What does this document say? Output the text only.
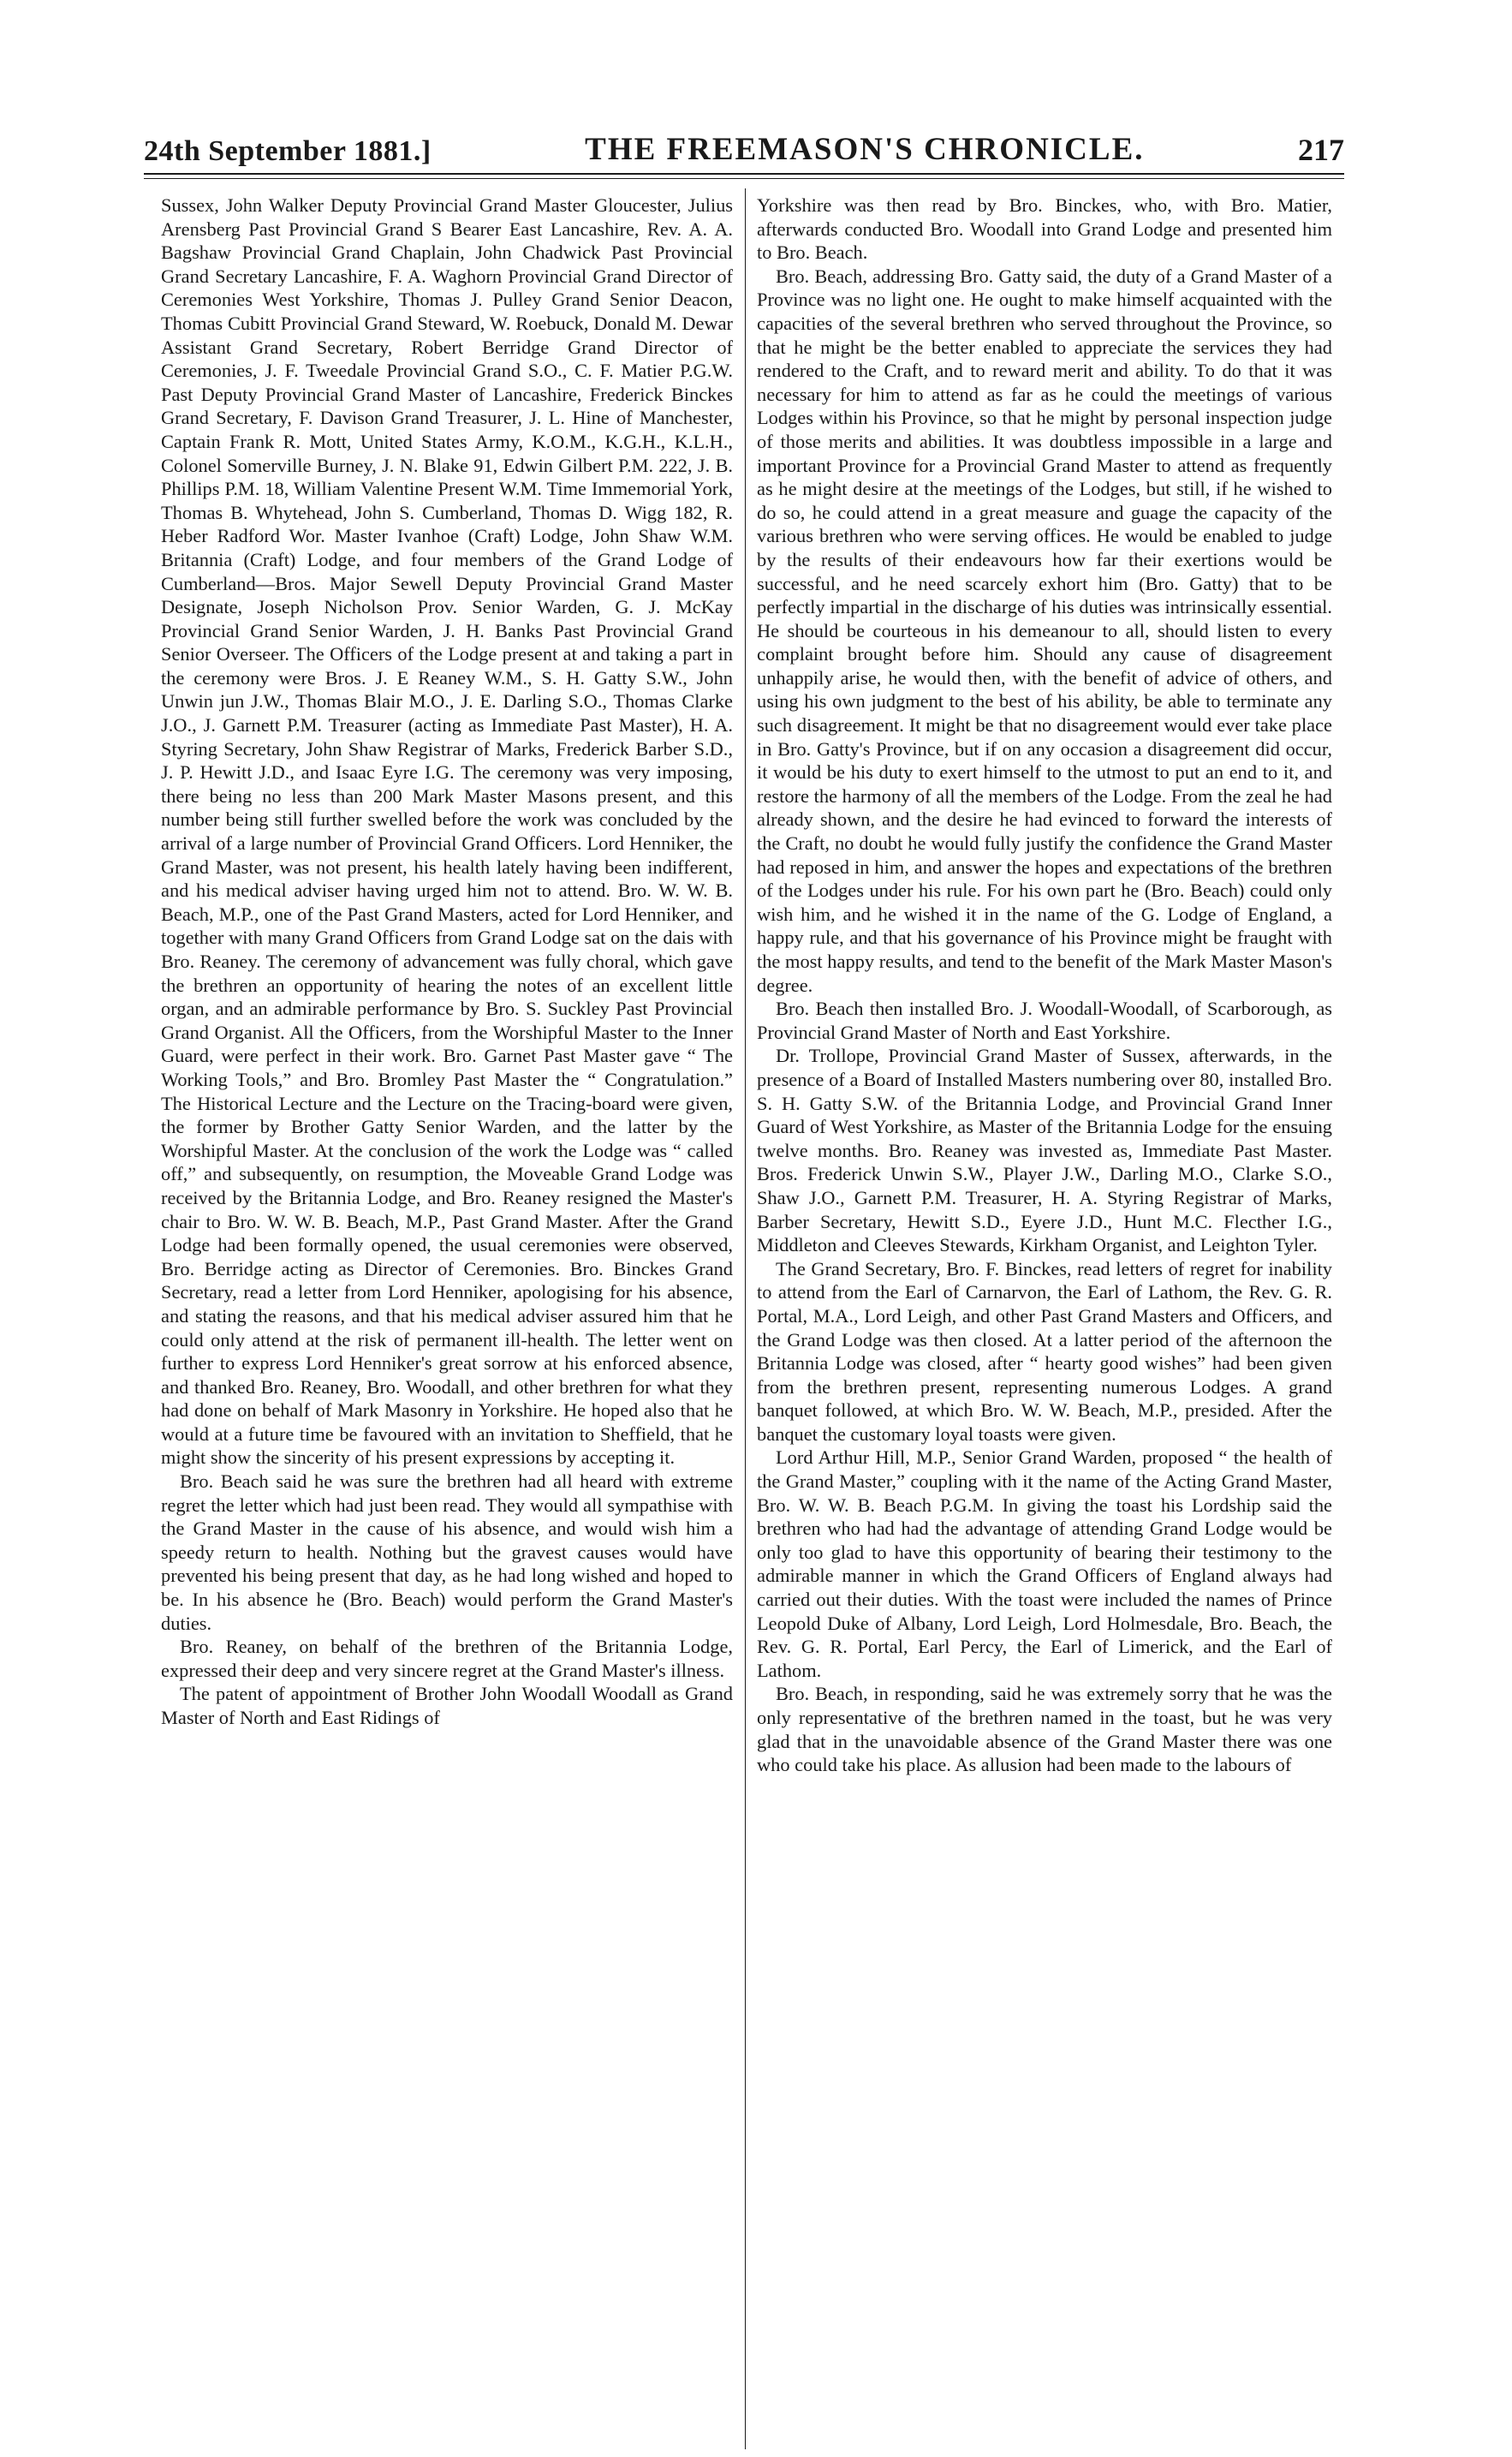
24th September 1881.]	THE FREEMASON'S CHRONICLE.	217

Sussex, John Walker Deputy Provincial Grand Master Gloucester, Julius Arensberg Past Provincial Grand S Bearer East Lancashire, Rev. A. A. Bagshaw Provincial Grand Chaplain, John Chadwick Past Provincial Grand Secretary Lancashire, F. A. Waghorn Provincial Grand Director of Ceremonies West Yorkshire, Thomas J. Pulley Grand Senior Deacon, Thomas Cubitt Provincial Grand Steward, W. Roebuck, Donald M. Dewar Assistant Grand Secretary, Robert Berridge Grand Director of Ceremonies, J. F. Tweedale Provincial Grand S.O., C. F. Matier P.G.W. Past Deputy Provincial Grand Master of Lancashire, Frederick Binckes Grand Secretary, F. Davison Grand Treasurer, J. L. Hine of Manchester, Captain Frank R. Mott, United States Army, K.O.M., K.G.H., K.L.H., Colonel Somerville Burney, J. N. Blake 91, Edwin Gilbert P.M. 222, J. B. Phillips P.M. 18, William Valentine Present W.M. Time Immemorial York, Thomas B. Whytehead, John S. Cumberland, Thomas D. Wigg 182, R. Heber Radford Wor. Master Ivanhoe (Craft) Lodge, John Shaw W.M. Britannia (Craft) Lodge, and four members of the Grand Lodge of Cumberland—Bros. Major Sewell Deputy Provincial Grand Master Designate, Joseph Nicholson Prov. Senior Warden, G. J. McKay Provincial Grand Senior Warden, J. H. Banks Past Provincial Grand Senior Overseer. The Officers of the Lodge present at and taking a part in the ceremony were Bros. J. E Reaney W.M., S. H. Gatty S.W., John Unwin jun J.W., Thomas Blair M.O., J. E. Darling S.O., Thomas Clarke J.O., J. Garnett P.M. Treasurer (acting as Immediate Past Master), H. A. Styring Secretary, John Shaw Registrar of Marks, Frederick Barber S.D., J. P. Hewitt J.D., and Isaac Eyre I.G. The ceremony was very imposing, there being no less than 200 Mark Master Masons present, and this number being still further swelled before the work was concluded by the arrival of a large number of Provincial Grand Officers. Lord Henniker, the Grand Master, was not present, his health lately having been indifferent, and his medical adviser having urged him not to attend. Bro. W. W. B. Beach, M.P., one of the Past Grand Masters, acted for Lord Henniker, and together with many Grand Officers from Grand Lodge sat on the dais with Bro. Reaney. The ceremony of advancement was fully choral, which gave the brethren an opportunity of hearing the notes of an excellent little organ, and an admirable performance by Bro. S. Suckley Past Provincial Grand Organist. All the Officers, from the Worshipful Master to the Inner Guard, were perfect in their work. Bro. Garnet Past Master gave “ The Working Tools,” and Bro. Bromley Past Master the “ Congratulation.” The Historical Lecture and the Lecture on the Tracing-board were given, the former by Brother Gatty Senior Warden, and the latter by the Worshipful Master. At the conclusion of the work the Lodge was “ called off,” and subsequently, on resumption, the Moveable Grand Lodge was received by the Britannia Lodge, and Bro. Reaney resigned the Master's chair to Bro. W. W. B. Beach, M.P., Past Grand Master. After the Grand Lodge had been formally opened, the usual ceremonies were observed, Bro. Berridge acting as Director of Ceremonies. Bro. Binckes Grand Secretary, read a letter from Lord Henniker, apologising for his absence, and stating the reasons, and that his medical adviser assured him that he could only attend at the risk of permanent ill-health. The letter went on further to express Lord Henniker's great sorrow at his enforced absence, and thanked Bro. Reaney, Bro. Woodall, and other brethren for what they had done on behalf of Mark Masonry in Yorkshire. He hoped also that he would at a future time be favoured with an invitation to Sheffield, that he might show the sincerity of his present expressions by accepting it.

Bro. Beach said he was sure the brethren had all heard with extreme regret the letter which had just been read. They would all sympathise with the Grand Master in the cause of his absence, and would wish him a speedy return to health. Nothing but the gravest causes would have prevented his being present that day, as he had long wished and hoped to be. In his absence he (Bro. Beach) would perform the Grand Master's duties.

Bro. Reaney, on behalf of the brethren of the Britannia Lodge, expressed their deep and very sincere regret at the Grand Master's illness.

The patent of appointment of Brother John Woodall Woodall as Grand Master of North and East Ridings of

Yorkshire was then read by Bro. Binckes, who, with Bro. Matier, afterwards conducted Bro. Woodall into Grand Lodge and presented him to Bro. Beach.

Bro. Beach, addressing Bro. Gatty said, the duty of a Grand Master of a Province was no light one. He ought to make himself acquainted with the capacities of the several brethren who served throughout the Province, so that he might be the better enabled to appreciate the services they had rendered to the Craft, and to reward merit and ability. To do that it was necessary for him to attend as far as he could the meetings of various Lodges within his Province, so that he might by personal inspection judge of those merits and abilities. It was doubtless impossible in a large and important Province for a Provincial Grand Master to attend as frequently as he might desire at the meetings of the Lodges, but still, if he wished to do so, he could attend in a great measure and guage the capacity of the various brethren who were serving offices. He would be enabled to judge by the results of their endeavours how far their exertions would be successful, and he need scarcely exhort him (Bro. Gatty) that to be perfectly impartial in the discharge of his duties was intrinsically essential. He should be courteous in his demeanour to all, should listen to every complaint brought before him. Should any cause of disagreement unhappily arise, he would then, with the benefit of advice of others, and using his own judgment to the best of his ability, be able to terminate any such disagreement. It might be that no disagreement would ever take place in Bro. Gatty's Province, but if on any occasion a disagreement did occur, it would be his duty to exert himself to the utmost to put an end to it, and restore the harmony of all the members of the Lodge. From the zeal he had already shown, and the desire he had evinced to forward the interests of the Craft, no doubt he would fully justify the confidence the Grand Master had reposed in him, and answer the hopes and expectations of the brethren of the Lodges under his rule. For his own part he (Bro. Beach) could only wish him, and he wished it in the name of the G. Lodge of England, a happy rule, and that his governance of his Province might be fraught with the most happy results, and tend to the benefit of the Mark Master Mason's degree.

Bro. Beach then installed Bro. J. Woodall-Woodall, of Scarborough, as Provincial Grand Master of North and East Yorkshire.

Dr. Trollope, Provincial Grand Master of Sussex, afterwards, in the presence of a Board of Installed Masters numbering over 80, installed Bro. S. H. Gatty S.W. of the Britannia Lodge, and Provincial Grand Inner Guard of West Yorkshire, as Master of the Britannia Lodge for the ensuing twelve months. Bro. Reaney was invested as, Immediate Past Master. Bros. Frederick Unwin S.W., Player J.W., Darling M.O., Clarke S.O., Shaw J.O., Garnett P.M. Treasurer, H. A. Styring Registrar of Marks, Barber Secretary, Hewitt S.D., Eyere J.D., Hunt M.C. Flecther I.G., Middleton and Cleeves Stewards, Kirkham Organist, and Leighton Tyler.

The Grand Secretary, Bro. F. Binckes, read letters of regret for inability to attend from the Earl of Carnarvon, the Earl of Lathom, the Rev. G. R. Portal, M.A., Lord Leigh, and other Past Grand Masters and Officers, and the Grand Lodge was then closed. At a latter period of the afternoon the Britannia Lodge was closed, after “ hearty good wishes” had been given from the brethren present, representing numerous Lodges. A grand banquet followed, at which Bro. W. W. Beach, M.P., presided. After the banquet the customary loyal toasts were given.

Lord Arthur Hill, M.P., Senior Grand Warden, proposed “ the health of the Grand Master,” coupling with it the name of the Acting Grand Master, Bro. W. W. B. Beach P.G.M. In giving the toast his Lordship said the brethren who had had the advantage of attending Grand Lodge would be only too glad to have this opportunity of bearing their testimony to the admirable manner in which the Grand Officers of England always had carried out their duties. With the toast were included the names of Prince Leopold Duke of Albany, Lord Leigh, Lord Holmesdale, Bro. Beach, the Rev. G. R. Portal, Earl Percy, the Earl of Limerick, and the Earl of Lathom.

Bro. Beach, in responding, said he was extremely sorry that he was the only representative of the brethren named in the toast, but he was very glad that in the unavoidable absence of the Grand Master there was one who could take his place. As allusion had been made to the labours of
